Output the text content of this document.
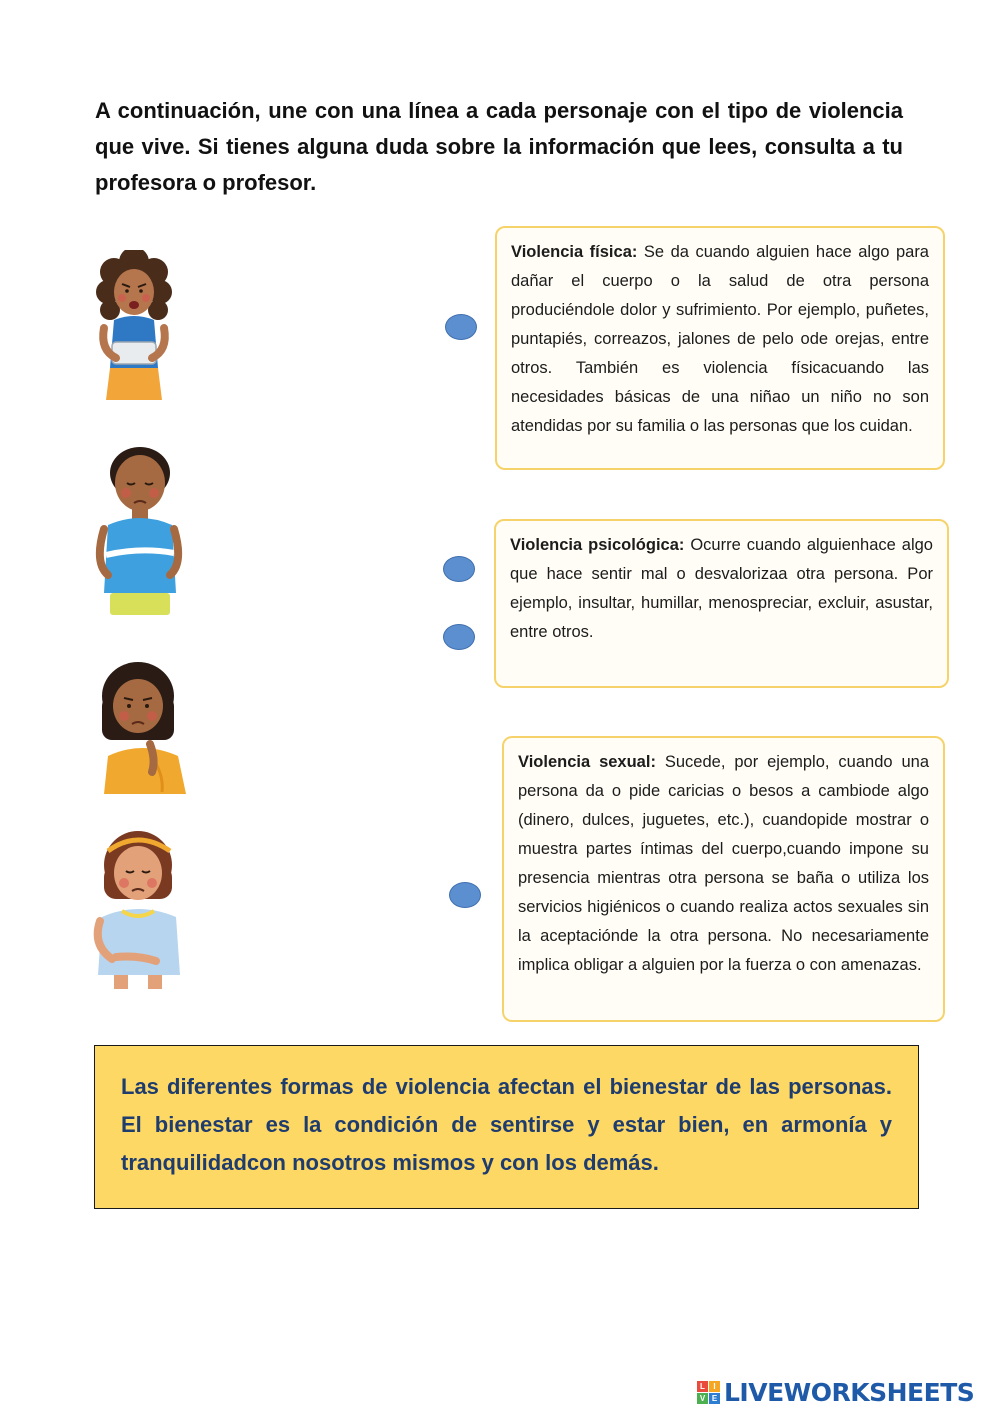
A continuación, une con una línea a cada personaje con el tipo de violencia que vive. Si tienes alguna duda sobre la información que lees, consulta a tu profesora o profesor.

Violencia física: Se da cuando alguien hace algo para dañar el cuerpo o la salud de otra persona produciéndole dolor y sufrimiento. Por ejemplo, puñetes, puntapiés, correazos, jalones de pelo ode orejas, entre otros. También es violencia físicacuando las necesidades básicas de una niñao un niño no son atendidas por su familia o las personas que los cuidan.
Violencia psicológica: Ocurre cuando alguienhace algo que hace sentir mal o desvalorizaa otra persona. Por ejemplo, insultar, humillar, menospreciar, excluir, asustar, entre otros.
Violencia sexual: Sucede, por ejemplo, cuando una persona da o pide caricias o besos a cambiode algo (dinero, dulces, juguetes, etc.), cuandopide mostrar o muestra partes íntimas del cuerpo,cuando impone su presencia mientras otra persona se baña o utiliza los servicios higiénicos o cuando realiza actos sexuales sin la aceptaciónde la otra persona. No necesariamente implica obligar a alguien por la fuerza o con amenazas.
Las diferentes formas de violencia afectan el bienestar de las personas. El bienestar es la condición de sentirse y estar bien, en armonía y tranquilidadcon nosotros mismos y con los demás.
L	I
V E LIVEWORKSHEETS
